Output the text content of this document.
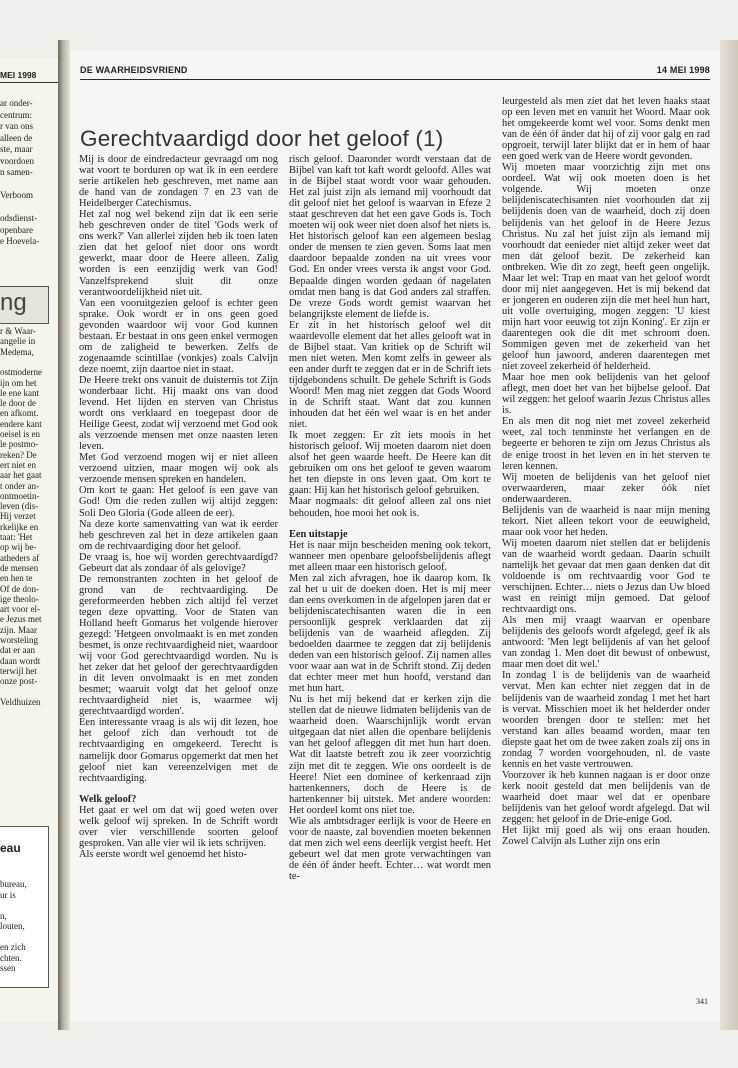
MEI 1998
ar onder-
centrum:
r van ons
alleen de
ste, maar
voordoen
n samen-
Verboom
odsdienst-
openbare
e Hoevela-
ng
r & Waar-
angelie in
Medema,
ostmoderne
ijn om het
le ene kant
le door de
en afkomt.
endere kant
oeisel is en
le postmo-
reken? De
ert niet en
aar het gaat
t onder an-
ontmoetin-
leven (dis-
Hij verzet
rkelijke en
taat: 'Het
op wij be-
atheders af
de mensen
en hen te
Of de don-
ige theolo-
art voor el-
e Jezus met
zijn. Maar
worsteling
dat er aan
daan wordt
terwijl het
onze post-
Veldhuizen
eau
bureau,
ur is
n,
louten,
en zich
chten.
ssen
DE WAARHEIDSVRIEND	14 MEI 1998
Gerechtvaardigd door het geloof (1)

Mij is door de eindredacteur gevraagd om nog wat voort te borduren op wat ik in een eerdere serie artikelen heb geschreven, met name aan de hand van de zondagen 7 en 23 van de Heidelberger Catechismus.

Het zal nog wel bekend zijn dat ik een serie heb geschreven onder de titel 'Gods werk of ons werk?' Van allerlei zijden heb ik toen laten zien dat het geloof niet door ons wordt gewerkt, maar door de Heere alleen. Zalig worden is een eenzijdig werk van God! Vanzelfsprekend sluit dit onze verantwoordelijkheid niet uit.

Van een vooruitgezien geloof is echter geen sprake. Ook wordt er in ons geen goed gevonden waardoor wij voor God kunnen bestaan. Er bestaat in ons geen enkel vermogen om de zaligheid te bewerken. Zelfs de zogenaamde scintillae (vonkjes) zoals Calvijn deze noemt, zijn daartoe niet in staat.

De Heere trekt ons vanuit de duisternis tot Zijn wonderbaar licht. Hij maakt ons van dood levend. Het lijden en sterven van Christus wordt ons verklaard en toegepast door de Heilige Geest, zodat wij verzoend met God ook als verzoende mensen met onze naasten leren leven.

Met God verzoend mogen wij er niet alleen verzoend uitzien, maar mogen wij ook als verzoende mensen spreken en handelen.

Om kort te gaan: Het geloof is een gave van God! Om die reden zullen wij altijd zeggen: Soli Deo Gloria (Gode alleen de eer).

Na deze korte samenvatting van wat ik eerder heb geschreven zal het in deze artikelen gaan om de rechtvaardiging door het geloof.

De vraag is, hoe wij worden gerechtvaardigd? Gebeurt dat als zondaar óf als gelovige?

De remonstranten zochten in het geloof de grond van de rechtvaardiging. De gereformeerden hebben zich altijd fel verzet tegen deze opvatting. Voor de Staten van Holland heeft Gomarus het volgende hierover gezegd: 'Hetgeen onvolmaakt is en met zonden besmet, is onze rechtvaardigheid niet, waardoor wij voor God gerechtvaardigd worden. Nu is het zeker dat het geloof der gerechtvaardigden in dit leven onvolmaakt is en met zonden besmet; waaruit volgt dat het geloof onze rechtvaardigheid niet is, waarmee wij gerechtvaardigd worden'.

Een interessante vraag is als wij dit lezen, hoe het geloof zich dan verhoudt tot de rechtvaardiging en omgekeerd. Terecht is namelijk door Gomarus opgemerkt dat men het geloof niet kan vereenzelvigen met de rechtvaardiging.

Welk geloof?

Het gaat er wel om dat wij goed weten over welk geloof wij spreken. In de Schrift wordt over vier verschillende soorten geloof gesproken. Van alle vier wil ik iets schrijven.

Als eerste wordt wel genoemd het histo-

risch geloof. Daaronder wordt verstaan dat de Bijbel van kaft tot kaft wordt geloofd. Alles wat in de Bijbel staat wordt voor waar gehouden. Het zal juist zijn als iemand mij voorhoudt dat dit geloof niet het geloof is waarvan in Efeze 2 staat geschreven dat het een gave Gods is. Toch moeten wij ook weer niet doen alsof het niets is. Het historisch geloof kan een algemeen beslag onder de mensen te zien geven. Soms laat men daardoor bepaalde zonden na uit vrees voor God. En onder vrees versta ik angst voor God. Bepaalde dingen worden gedaan óf nagelaten omdat men bang is dat God anders zal straffen. De vreze Gods wordt gemist waarvan het belangrijkste element de liefde is.

Er zit in het historisch geloof wel dit waardevolle element dat het alles gelooft wat in de Bijbel staat. Van kritiek op de Schrift wil men niet weten. Men komt zelfs in geweer als een ander durft te zeggen dat er in de Schrift iets tijdgebondens schuilt. De gehele Schrift is Gods Woord! Men mag niet zeggen dat Gods Woord in de Schrift staat. Want dat zou kunnen inhouden dat het één wel waar is en het ander niet.

Ik moet zeggen: Er zit iets moois in het historisch geloof. Wij moeten daarom niet doen alsof het geen waarde heeft. De Heere kan dit gebruiken om ons het geloof te geven waarom het ten diepste in ons leven gaat. Om kort te gaan: Hij kan het historisch geloof gebruiken.

Maar nogmaals: dit geloof alleen zal ons niet behouden, hoe mooi het ook is.

Een uitstapje

Het is naar mijn bescheiden mening ook tekort, wanneer men openbare geloofsbelijdenis aflegt met alleen maar een historisch geloof.

Men zal zich afvragen, hoe ik daarop kom. Ik zal het u uit de doeken doen. Het is mij meer dan eens overkomen in de afgelopen jaren dat er belijdeniscatechisanten waren die in een persoonlijk gesprek verklaarden dat zij belijdenis van de waarheid aflegden. Zij bedoelden daarmee te zeggen dat zij belijdenis deden van een historisch geloof. Zij namen alles voor waar aan wat in de Schrift stond. Zij deden dat echter meer met hun hoofd, verstand dan met hun hart.

Nu is het mij bekend dat er kerken zijn die stellen dat de nieuwe lidmaten belijdenis van de waarheid doen. Waarschijnlijk wordt ervan uitgegaan dat niet allen die openbare belijdenis van het geloof afleggen dit met hun hart doen. Wat dit laatste betreft zou ik zeer voorzichtig zijn met dit te zeggen. Wie ons oordeelt is de Heere! Niet een dominee of kerkenraad zijn hartenkenners, doch de Heere is de hartenkenner bij uitstek. Met andere woorden: Het oordeel komt ons niet toe.

Wie als ambtsdrager eerlijk is voor de Heere en voor de naaste, zal bovendien moeten bekennen dat men zich wel eens deerlijk vergist heeft. Het gebeurt wel dat men grote verwachtingen van de één óf ánder heeft. Echter… wat wordt men te-

leurgesteld als men ziet dat het leven haaks staat op een leven met en vanuit het Woord. Maar ook het omgekeerde komt wel voor. Soms denkt men van de één óf ánder dat hij of zij voor galg en rad opgroeit, terwijl later blijkt dat er in hem of haar een goed werk van de Heere wordt gevonden.

Wij moeten maar voorzichtig zijn met ons oordeel. Wat wij ook moeten doen is het volgende. Wij moeten onze belijdeniscatechisanten niet voorhouden dat zij belijdenis doen van de waarheid, doch zij doen belijdenis van het geloof in de Heere Jezus Christus. Nu zal het juist zijn als iemand mij voorhoudt dat eenieder niet altijd zeker weet dat men dát geloof bezit. De zekerheid kan ontbreken. Wie dit zo zegt, heeft geen ongelijk. Maar let wel: Trap en maat van het geloof wordt door mij niet aangegeven. Het is mij bekend dat er jongeren en ouderen zijn die met heel hun hart, uit volle overtuiging, mogen zeggen: 'U kiest mijn hart voor eeuwig tot zijn Koning'. Er zijn er daarentegen ook die dit met schroom doen. Sommigen geven met de zekerheid van het geloof hun jawoord, anderen daarentegen met niet zoveel zekerheid óf helderheid.

Maar hoe men ook belijdenis van het geloof aflegt, men doet het van het bijbelse geloof. Dat wil zeggen: het geloof waarin Jezus Christus alles is.

En als men dit nog niet met zoveel zekerheid weet, zal toch tenminste het verlangen en de begeerte er behoren te zijn om Jezus Christus als de enige troost in het leven en in het sterven te leren kennen.

Wij moeten de belijdenis van het geloof niet overwaarderen, maar zeker óók niet onderwaarderen.

Belijdenis van de waarheid is naar mijn mening tekort. Niet alleen tekort voor de eeuwigheid, maar ook voor het heden.

Wij moeten daarom niet stellen dat er belijdenis van de waarheid wordt gedaan. Daarin schuilt namelijk het gevaar dat men gaan denken dat dit voldoende is om rechtvaardig voor God te verschijnen. Echter… niets o Jezus dan Uw bloed wast en reinigt mijn gemoed. Dat geloof rechtvaardigt ons.

Als men mij vraagt waarvan er openbare belijdenis des geloofs wordt afgelegd, geef ik als antwoord: 'Men legt belijdenis af van het geloof van zondag 1. Men doet dit bewust of onbewust, maar men doet dit wel.'

In zondag 1 is de belijdenis van de waarheid vervat. Men kan echter niet zeggen dat in de belijdenis van de waarheid zondag 1 met het hart is vervat. Misschien moet ik het helderder onder woorden brengen door te stellen: met het verstand kan alles beaamd worden, maar ten diepste gaat het om de twee zaken zoals zij ons in zondag 7 worden voorgehouden, nl. de vaste kennis en het vaste vertrouwen.

Voorzover ik heb kunnen nagaan is er door onze kerk nooit gesteld dat men belijdenis van de waarheid doet maar wel dat er openbare belijdenis van het geloof wordt afgelegd. Dat wil zeggen: het geloof in de Drie-enige God.

Het lijkt mij goed als wij ons eraan houden. Zowel Calvijn als Luther zijn ons erin

341
